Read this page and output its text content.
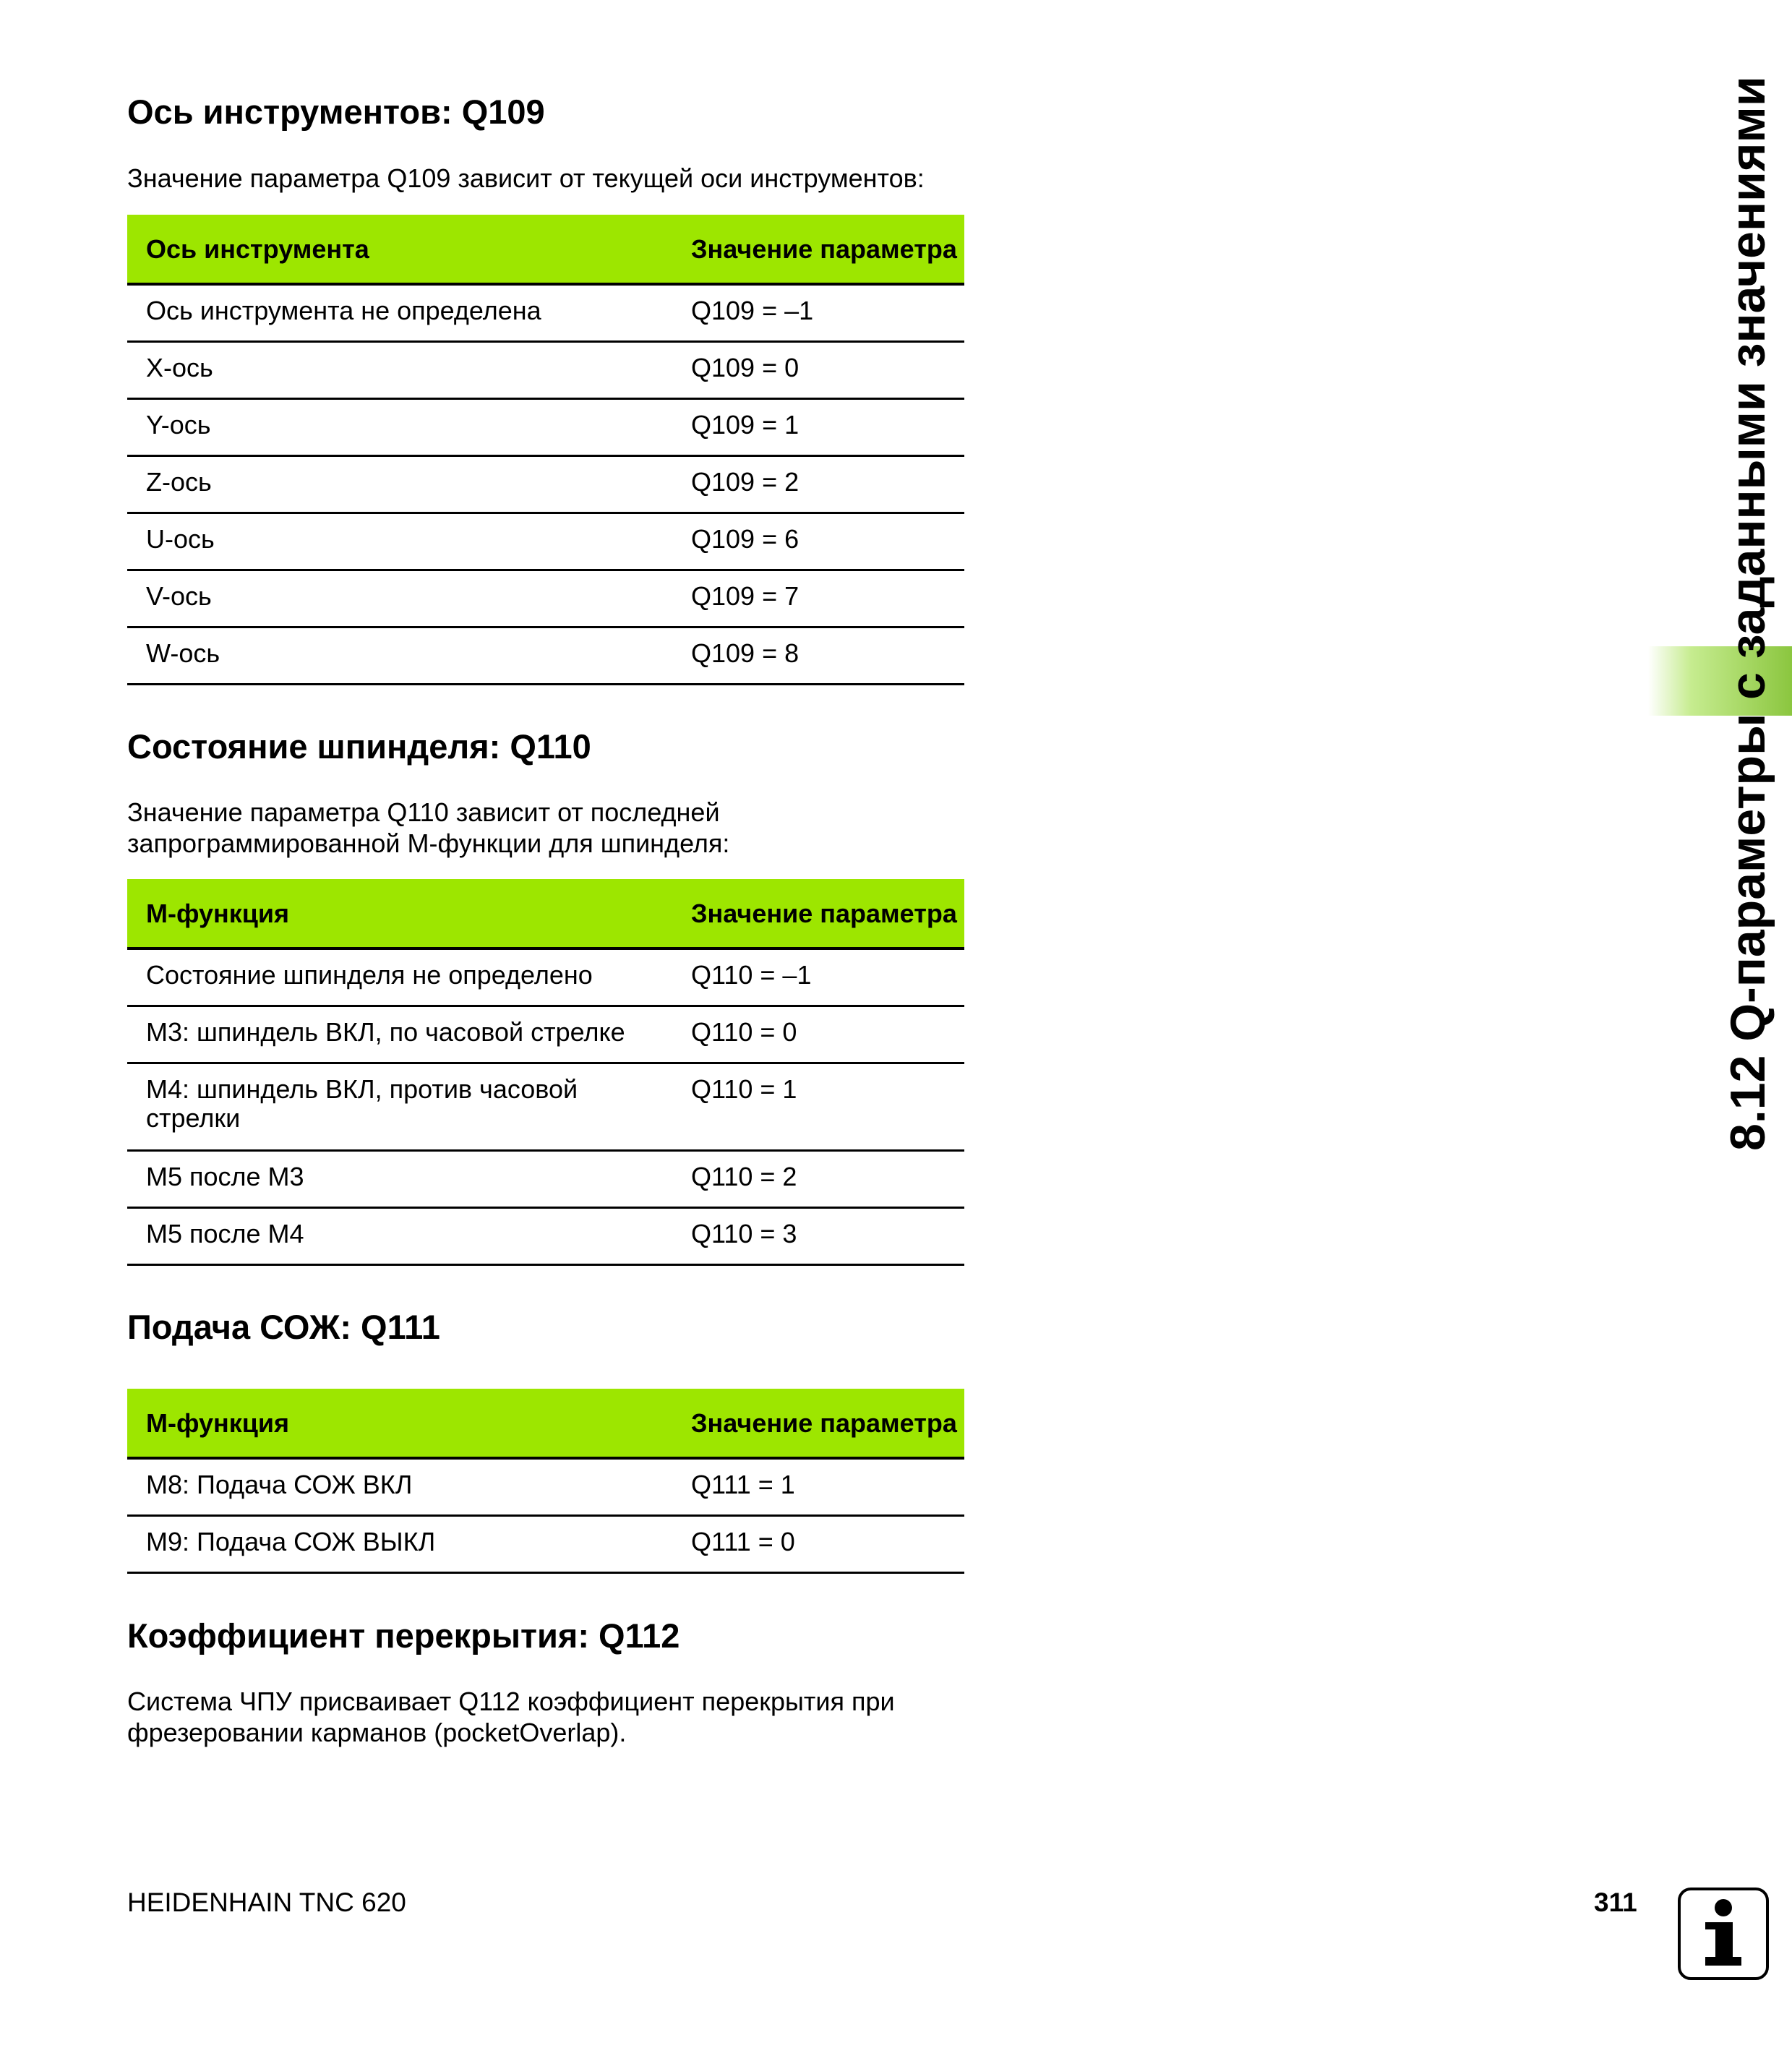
Ось инструментов: Q109

Значение параметра Q109 зависит от текущей оси инструментов:

Ось инструмента	Значение параметра
Ось инструмента не определена	Q109 = –1
X-ось	Q109 = 0
Y-ось	Q109 = 1
Z-ось	Q109 = 2
U-ось	Q109 = 6
V-ось	Q109 = 7
W-ось	Q109 = 8
Состояние шпинделя: Q110

Значение параметра Q110 зависит от последней
запрограммированной M-функции для шпинделя:

M-функция	Значение параметра
Состояние шпинделя не определено	Q110 = –1
M3: шпиндель ВКЛ, по часовой стрелке	Q110 = 0
M4: шпиндель ВКЛ, против часовой стрелки	Q110 = 1
M5 после M3	Q110 = 2
M5 после M4	Q110 = 3
Подача СОЖ: Q111
M-функция	Значение параметра
M8: Подача СОЖ ВКЛ	Q111 = 1
M9: Подача СОЖ ВЫКЛ	Q111 = 0
Коэффициент перекрытия: Q112

Система ЧПУ присваивает Q112 коэффициент перекрытия при
фрезеровании карманов (pocketOverlap).

8.12 Q-параметры с заданными значениями

HEIDENHAIN TNC 620	311
